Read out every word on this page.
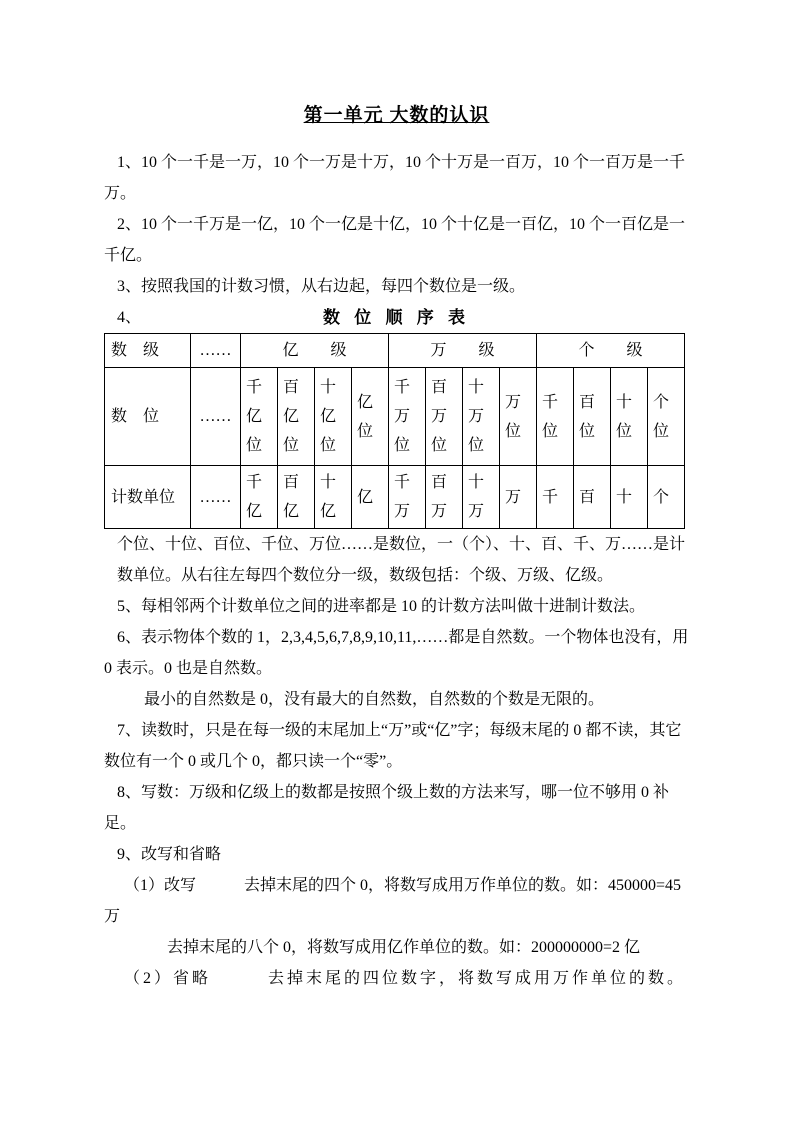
第一单元 大数的认识

1、10 个一千是一万，10 个一万是十万，10 个十万是一百万，10 个一百万是一千万。

2、10 个一千万是一亿，10 个一亿是十亿，10 个十亿是一百亿，10 个一百亿是一千亿。

3、按照我国的计数习惯，从右边起，每四个数位是一级。

4、	数 位 顺 序 表
数　级	……	亿　　级				万　　级				个　　级			
数　位	……	千亿位	百亿位	十亿位	亿位	千万位	百万位	十万位	万位	千位	百位	十位	个位
计数单位	……	千亿	百亿	十亿	亿	千万	百万	十万	万	千	百	十	个

个位、十位、百位、千位、万位……是数位，一（个）、十、百、千、万……是计数单位。从右往左每四个数位分一级，数级包括：个级、万级、亿级。

5、每相邻两个计数单位之间的进率都是 10 的计数方法叫做十进制计数法。

6、表示物体个数的 1，2,3,4,5,6,7,8,9,10,11,……都是自然数。一个物体也没有，用 0 表示。0 也是自然数。

最小的自然数是 0，没有最大的自然数，自然数的个数是无限的。

7、读数时，只是在每一级的末尾加上“万”或“亿”字；每级末尾的 0 都不读，其它数位有一个 0 或几个 0，都只读一个“零”。

8、写数：万级和亿级上的数都是按照个级上数的方法来写，哪一位不够用 0 补足。

9、改写和省略

（1）改写　　　去掉末尾的四个 0，将数写成用万作单位的数。如：450000=45 万

去掉末尾的八个 0，将数写成用亿作单位的数。如：200000000=2 亿

（2）省略　　　去掉末尾的四位数字，将数写成用万作单位的数。
